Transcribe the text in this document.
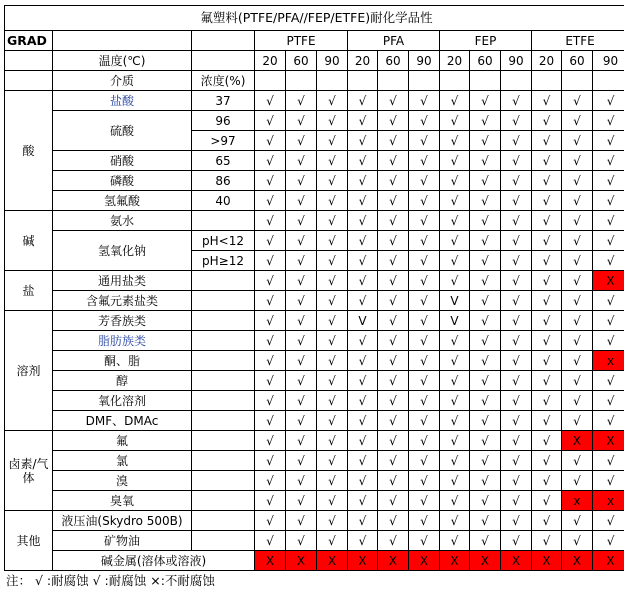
氟塑料(PTFE/PFA//FEP/ETFE)耐化学品性														
GRAD			PTFE			PFA			FEP			ETFE		
	温度(℃)		20	60	90	20	60	90	20	60	90	20	60	90
	介质	浓度(%)												
酸	盐酸	37	√	√	√	√	√	√	√	√	√	√	√	√
	硫酸	96	√	√	√	√	√	√	√	√	√	√	√	√
		>97	√	√	√	√	√	√	√	√	√	√	√	√
	硝酸	65	√	√	√	√	√	√	√	√	√	√	√	√
	磷酸	86	√	√	√	√	√	√	√	√	√	√	√	√
	氢氟酸	40	√	√	√	√	√	√	√	√	√	√	√	√
碱	氨水		√	√	√	√	√	√	√	√	√	√	√	√
	氢氧化钠	pH<12	√	√	√	√	√	√	√	√	√	√	√	√
		pH≥12	√	√	√	√	√	√	√	√	√	√	√	√
盐	通用盐类		√	√	√	√	√	√	√	√	√	√	√	X
	含氟元素盐类		√	√	√	√	√	√	V	√	√	√	√	√
溶剂	芳香族类		√	√	√	V	√	√	V	√	√	√	√	√
	脂肪族类		√	√	√	√	√	√	√	√	√	√	√	√
	酮、脂		√	√	√	√	√	√	√	√	√	√	√	x
	醇		√	√	√	√	√	√	√	√	√	√	√	√
	氧化溶剂		√	√	√	√	√	√	√	√	√	√	√	√
	DMF、DMAc		√	√	√	√	√	√	√	√	√	√	√	√
卤素/气体	氟		√	√	√	√	√	√	√	√	√	√	X	X
	氯		√	√	√	√	√	√	√	√	√	√	√	√
	溴		√	√	√	√	√	√	√	√	√	√	√	√
	臭氧		√	√	√	√	√	√	√	√	√	√	x	x
其他	液压油(Skydro 500B)		√	√	√	√	√	√	√	√	√	√	√	√
	矿物油		√	√	√	√	√	√	√	√	√	√	√	√
	碱金属(溶体或溶液)		X	X	X	X	X	X	X	X	X	X	X	X
注： √ :耐腐蚀 √ :耐腐蚀 ×:不耐腐蚀
